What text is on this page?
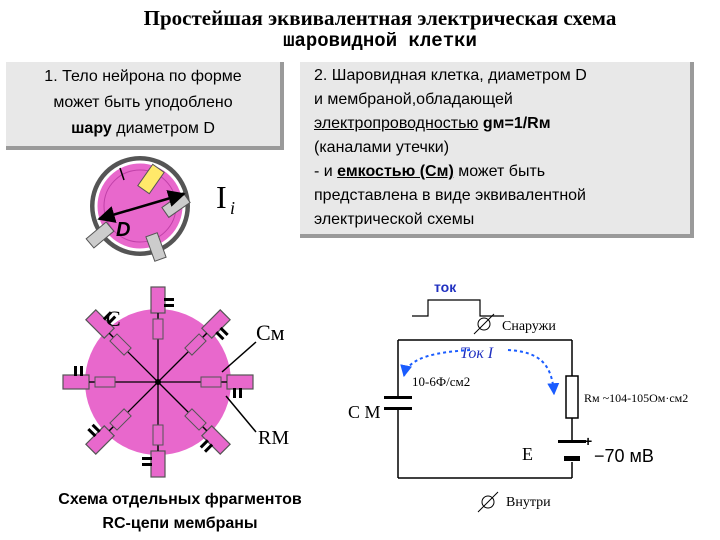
Простейшая эквивалентная электрическая схема
шаровидной клетки
1. Тело нейрона по форме
может быть уподоблено
шару диаметром D
2. Шаровидная клетка, диаметром D
и мембраной,обладающей
электропроводностью gм=1/Rм
(каналами утечки)
- и емкостью (Cм) может быть
представлена в виде эквивалентной
электрической схемы
D
I i
C
Cм
RM
ток
Снаружи
Ток I
10-6Ф/см2
С М
Rм ~104-105Ом·см2
E
+
−70 мВ
Внутри
Схема отдельных фрагментов
RC-цепи мембраны
